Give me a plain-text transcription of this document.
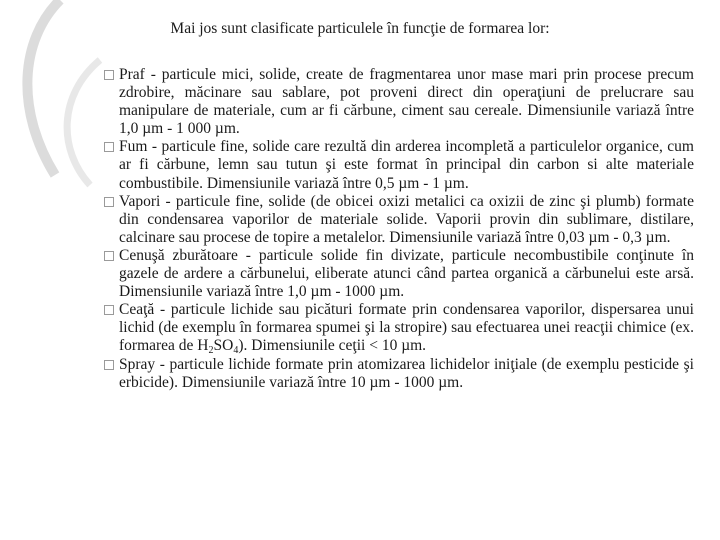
Mai jos sunt clasificate particulele în funcţie de formarea lor:

Praf - particule mici, solide, create de fragmentarea unor mase mari prin procese precum zdrobire, măcinare sau sablare, pot proveni direct din operaţiuni de prelucrare sau manipulare de materiale, cum ar fi cărbune, ciment sau cereale. Dimensiunile variază între 1,0 µm - 1 000 µm.

Fum - particule fine, solide care rezultă din arderea incompletă a particulelor organice, cum ar fi cărbune, lemn sau tutun şi este format în principal din carbon si alte materiale combustibile. Dimensiunile variază între 0,5 µm - 1 µm.

Vapori - particule fine, solide (de obicei oxizi metalici ca oxizii de zinc şi plumb) formate din condensarea vaporilor de materiale solide. Vaporii provin din sublimare, distilare, calcinare sau procese de topire a metalelor. Dimensiunile variază între 0,03 µm - 0,3 µm.

Cenuşă zburătoare - particule solide fin divizate, particule necombustibile conţinute în gazele de ardere a cărbunelui, eliberate atunci când partea organică a cărbunelui este arsă. Dimensiunile variază între 1,0 µm - 1000 µm.

Ceaţă - particule lichide sau picături formate prin condensarea vaporilor, dispersarea unui lichid (de exemplu în formarea spumei şi la stropire) sau efectuarea unei reacţii chimice (ex. formarea de $H_2SO_4$). Dimensiunile ceţii < 10 µm.

Spray - particule lichide formate prin atomizarea lichidelor iniţiale (de exemplu pesticide şi erbicide). Dimensiunile variază între 10 µm - 1000 µm.
